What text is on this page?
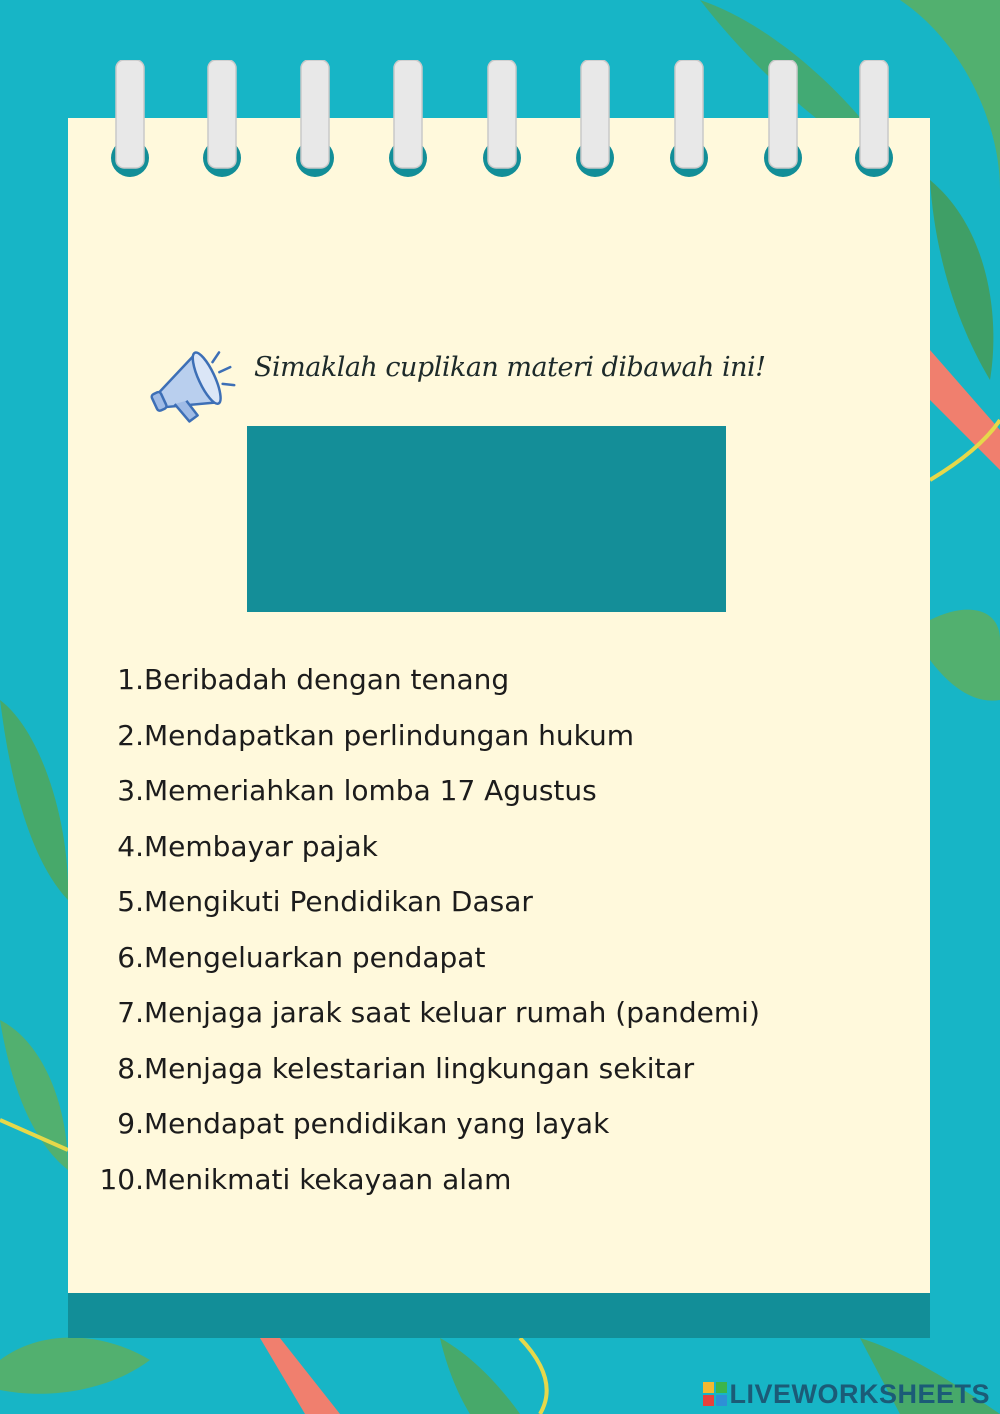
Simaklah cuplikan materi dibawah ini!
1. Beribadah dengan tenang
2. Mendapatkan perlindungan hukum
3. Memeriahkan lomba 17 Agustus
4. Membayar pajak
5. Mengikuti Pendidikan Dasar
6. Mengeluarkan pendapat
7. Menjaga jarak saat keluar rumah (pandemi)
8. Menjaga kelestarian lingkungan sekitar
9. Mendapat pendidikan yang layak
10. Menikmati kekayaan alam
LIVEWORKSHEETS
